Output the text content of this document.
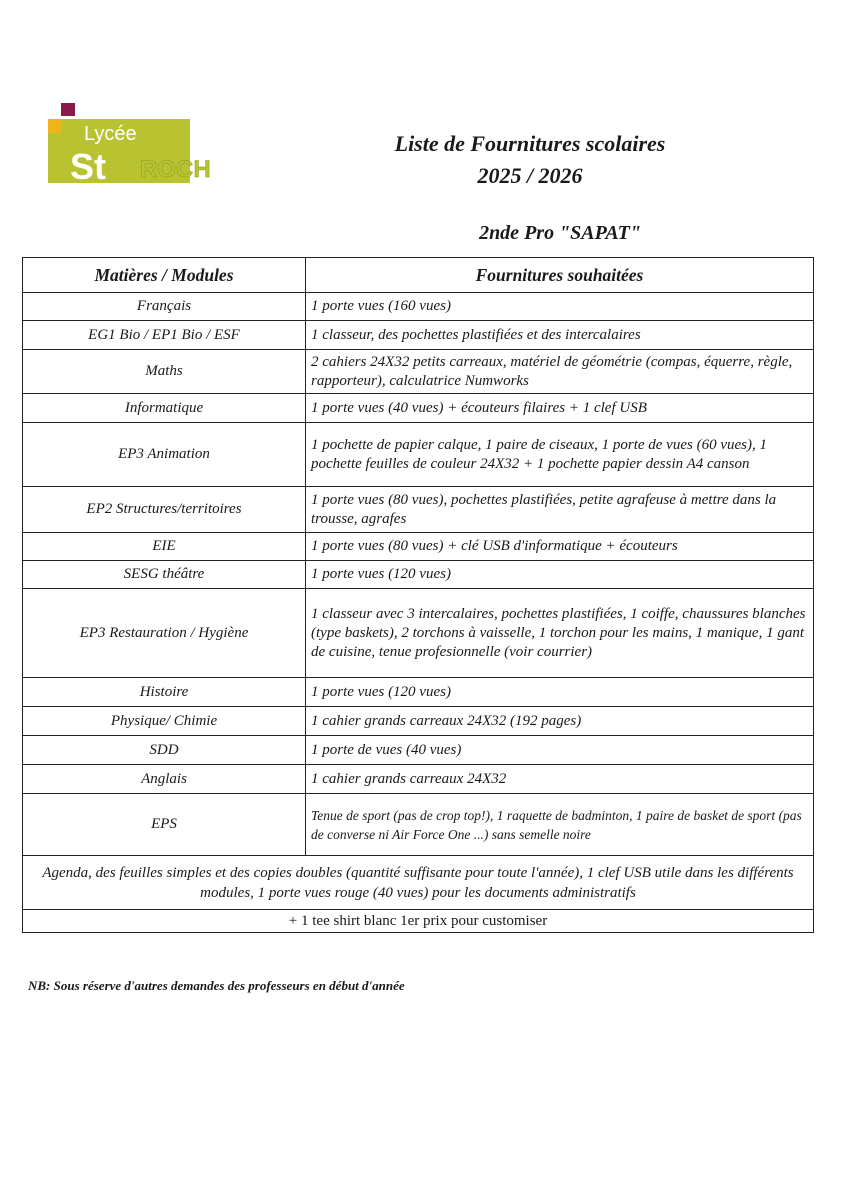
Lycée
St ROCH
Liste de Fournitures scolaires
2025 / 2026
2nde Pro "SAPAT"
Matières / Modules	Fournitures souhaitées
Français	1 porte vues (160 vues)
EG1 Bio / EP1 Bio / ESF	1 classeur, des pochettes plastifiées et des intercalaires
Maths	2 cahiers 24X32 petits carreaux, matériel de géométrie (compas, équerre, règle, rapporteur), calculatrice Numworks
Informatique	1 porte vues (40 vues) + écouteurs filaires + 1 clef USB
EP3 Animation	1 pochette de papier calque, 1 paire de ciseaux, 1 porte de vues (60 vues), 1 pochette feuilles de couleur 24X32 + 1 pochette papier dessin A4 canson
EP2 Structures/territoires	1 porte vues (80 vues), pochettes plastifiées, petite agrafeuse à mettre dans la trousse, agrafes
EIE	1 porte vues (80 vues) + clé USB d'informatique + écouteurs
SESG théâtre	1 porte vues (120 vues)
EP3 Restauration / Hygiène	1 classeur avec 3 intercalaires, pochettes plastifiées, 1 coiffe, chaussures blanches (type baskets), 2 torchons à vaisselle, 1 torchon pour les mains, 1 manique, 1 gant de cuisine, tenue profesionnelle (voir courrier)
Histoire	1 porte vues (120 vues)
Physique/ Chimie	1 cahier grands carreaux 24X32 (192 pages)
SDD	1 porte de vues (40 vues)
Anglais	1 cahier grands carreaux 24X32
EPS	Tenue de sport (pas de crop top!), 1 raquette de badminton, 1 paire de basket de sport (pas de converse ni Air Force One ...) sans semelle noire
Agenda, des feuilles simples et des copies doubles (quantité suffisante pour toute l'année), 1 clef USB utile dans les différents modules, 1 porte vues rouge (40 vues) pour les documents administratifs	
+ 1 tee shirt blanc 1er prix pour customiser	
NB: Sous réserve d'autres demandes des professeurs en début d'année
